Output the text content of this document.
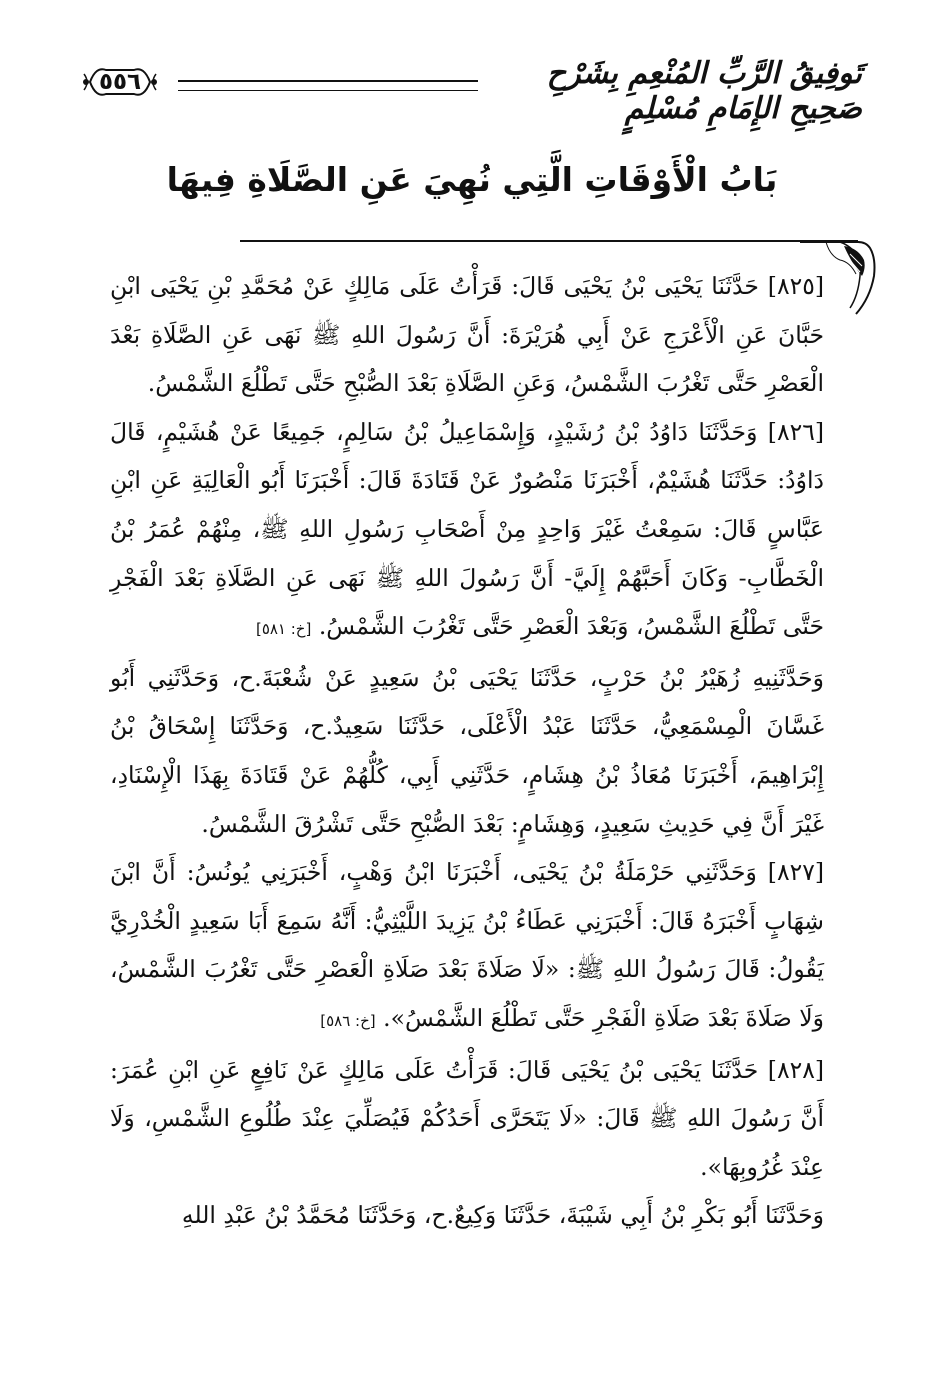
٥٥٦	تَوفِيقُ الرَّبِّ المُنْعِمِ بِشَرْحِ صَحِيحِ الإِمَامِ مُسْلِمٍ
بَابُ الْأَوْقَاتِ الَّتِي نُهِيَ عَنِ الصَّلَاةِ فِيهَا

[٨٢٥] حَدَّثَنَا يَحْيَى بْنُ يَحْيَى قَالَ: قَرَأْتُ عَلَى مَالِكٍ عَنْ مُحَمَّدِ بْنِ يَحْيَى ابْنِ حَبَّانَ عَنِ الْأَعْرَجِ عَنْ أَبِي هُرَيْرَةَ: أَنَّ رَسُولَ اللهِ ﷺ نَهَى عَنِ الصَّلَاةِ بَعْدَ الْعَصْرِ حَتَّى تَغْرُبَ الشَّمْسُ، وَعَنِ الصَّلَاةِ بَعْدَ الصُّبْحِ حَتَّى تَطْلُعَ الشَّمْسُ.

[٨٢٦] وَحَدَّثَنَا دَاوُدُ بْنُ رُشَيْدٍ، وَإِسْمَاعِيلُ بْنُ سَالِمٍ، جَمِيعًا عَنْ هُشَيْمٍ، قَالَ دَاوُدُ: حَدَّثَنَا هُشَيْمٌ، أَخْبَرَنَا مَنْصُورٌ عَنْ قَتَادَةَ قَالَ: أَخْبَرَنَا أَبُو الْعَالِيَةِ عَنِ ابْنِ عَبَّاسٍ قَالَ: سَمِعْتُ غَيْرَ وَاحِدٍ مِنْ أَصْحَابِ رَسُولِ اللهِ ﷺ، مِنْهُمْ عُمَرُ بْنُ الْخَطَّابِ- وَكَانَ أَحَبَّهُمْ إِلَيَّ- أَنَّ رَسُولَ اللهِ ﷺ نَهَى عَنِ الصَّلَاةِ بَعْدَ الْفَجْرِ حَتَّى تَطْلُعَ الشَّمْسُ، وَبَعْدَ الْعَصْرِ حَتَّى تَغْرُبَ الشَّمْسُ. [خ: ٥٨١]

وَحَدَّثَنِيهِ زُهَيْرُ بْنُ حَرْبٍ، حَدَّثَنَا يَحْيَى بْنُ سَعِيدٍ عَنْ شُعْبَةَ.ح، وَحَدَّثَنِي أَبُو غَسَّانَ الْمِسْمَعِيُّ، حَدَّثَنَا عَبْدُ الْأَعْلَى، حَدَّثَنَا سَعِيدٌ.ح، وَحَدَّثَنَا إِسْحَاقُ بْنُ إِبْرَاهِيمَ، أَخْبَرَنَا مُعَاذُ بْنُ هِشَامٍ، حَدَّثَنِي أَبِي، كُلُّهُمْ عَنْ قَتَادَةَ بِهَذَا الْإِسْنَادِ، غَيْرَ أَنَّ فِي حَدِيثِ سَعِيدٍ، وَهِشَامٍ: بَعْدَ الصُّبْحِ حَتَّى تَشْرُقَ الشَّمْسُ.

[٨٢٧] وَحَدَّثَنِي حَرْمَلَةُ بْنُ يَحْيَى، أَخْبَرَنَا ابْنُ وَهْبٍ، أَخْبَرَنِي يُونُسُ: أَنَّ ابْنَ شِهَابٍ أَخْبَرَهُ قَالَ: أَخْبَرَنِي عَطَاءُ بْنُ يَزِيدَ اللَّيْثِيُّ: أَنَّهُ سَمِعَ أَبَا سَعِيدٍ الْخُدْرِيَّ يَقُولُ: قَالَ رَسُولُ اللهِ ﷺ: «لَا صَلَاةَ بَعْدَ صَلَاةِ الْعَصْرِ حَتَّى تَغْرُبَ الشَّمْسُ، وَلَا صَلَاةَ بَعْدَ صَلَاةِ الْفَجْرِ حَتَّى تَطْلُعَ الشَّمْسُ». [خ: ٥٨٦]

[٨٢٨] حَدَّثَنَا يَحْيَى بْنُ يَحْيَى قَالَ: قَرَأْتُ عَلَى مَالِكٍ عَنْ نَافِعٍ عَنِ ابْنِ عُمَرَ: أَنَّ رَسُولَ اللهِ ﷺ قَالَ: «لَا يَتَحَرَّى أَحَدُكُمْ فَيُصَلِّيَ عِنْدَ طُلُوعِ الشَّمْسِ، وَلَا عِنْدَ غُرُوبِهَا».

وَحَدَّثَنَا أَبُو بَكْرِ بْنُ أَبِي شَيْبَةَ، حَدَّثَنَا وَكِيعٌ.ح، وَحَدَّثَنَا مُحَمَّدُ بْنُ عَبْدِ اللهِ
